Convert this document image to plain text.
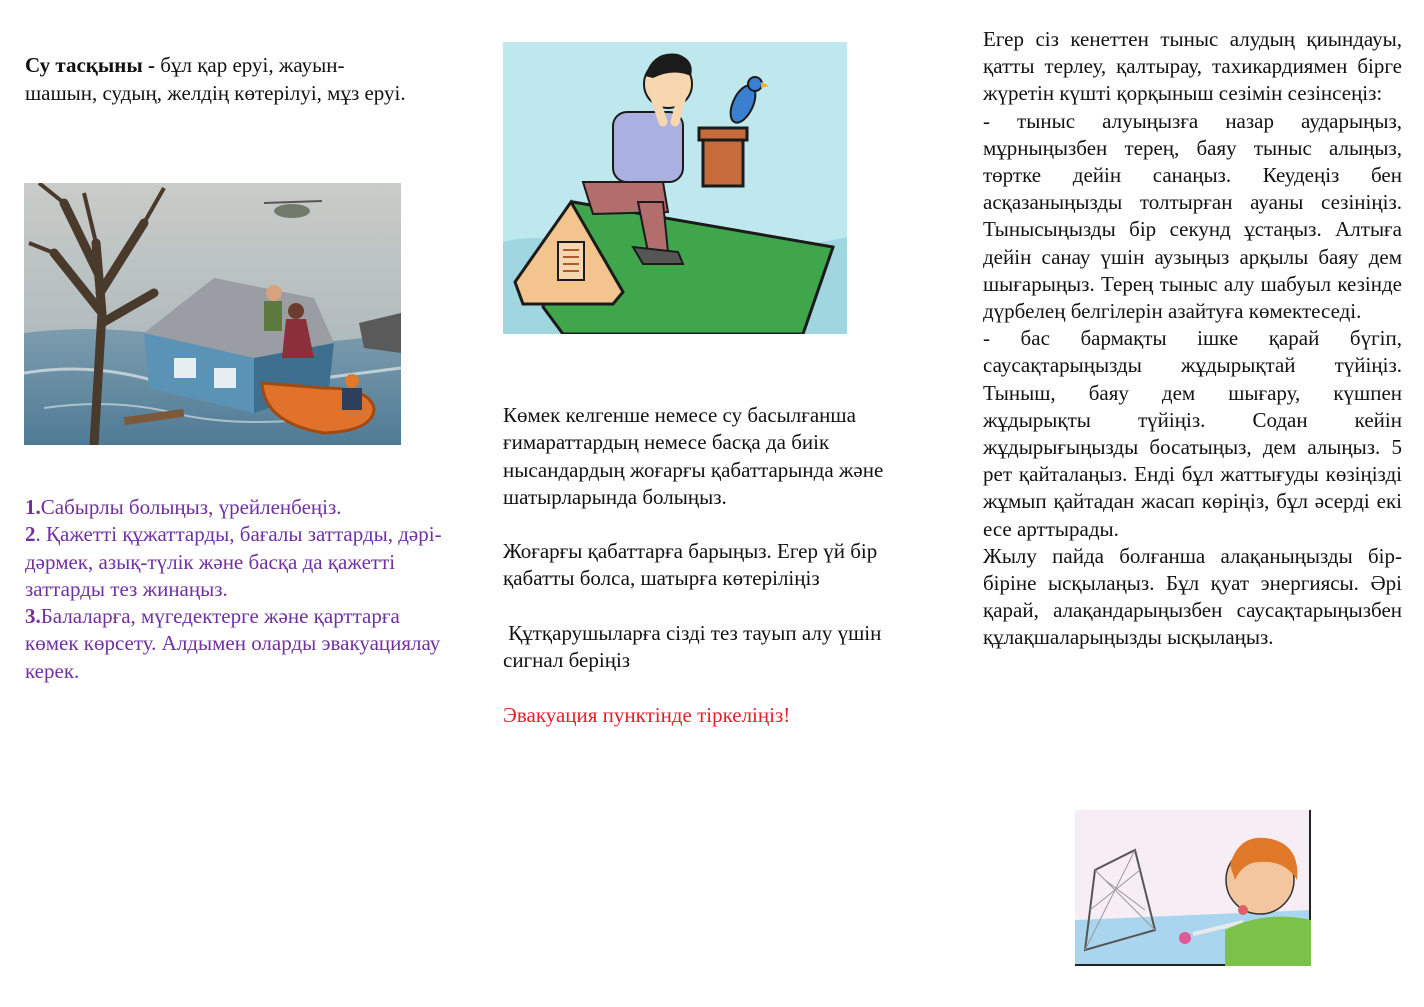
Су тасқыны - бұл қар еруі, жауын-шашын, судың, желдің көтерілуі, мұз еруі.
1.Сабырлы болыңыз, үрейленбеңіз.
2. Қажетті құжаттарды, бағалы заттарды, дәрі-дәрмек, азық-түлік және басқа да қажетті заттарды тез жинаңыз.
3.Балаларға, мүгедектерге және қарттарға көмек көрсету. Алдымен оларды эвакуациялау керек.
Көмек келгенше немесе су басылғанша ғимараттардың немесе басқа да биік нысандардың жоғарғы қабаттарында және шатырларында болыңыз.
Жоғарғы қабаттарға барыңыз. Егер үй бір қабатты болса, шатырға көтеріліңіз
Құтқарушыларға сізді тез тауып алу үшін сигнал беріңіз
Эвакуация пунктінде тіркеліңіз!

Егер сіз кенеттен тыныс алудың қиындауы, қатты терлеу, қалтырау, тахикардиямен бірге жүретін күшті қорқыныш сезімін сезінсеңіз:

- тыныс алуыңызға назар аударыңыз, мұрныңызбен терең, баяу тыныс алыңыз, төртке дейін санаңыз. Кеудеңіз бен асқазаныңызды толтырған ауаны сезініңіз. Тынысыңызды бір секунд ұстаңыз. Алтыға дейін санау үшін аузыңыз арқылы баяу дем шығарыңыз. Терең тыныс алу шабуыл кезінде дүрбелең белгілерін азайтуға көмектеседі.

- бас бармақты ішке қарай бүгіп, саусақтарыңызды жұдырықтай түйіңіз. Тыныш, баяу дем шығару, күшпен жұдырықты түйіңіз. Содан кейін жұдырығыңызды босатыңыз, дем алыңыз. 5 рет қайталаңыз. Енді бұл жаттығуды көзіңізді жұмып қайтадан жасап көріңіз, бұл әсерді екі есе арттырады.

Жылу пайда болғанша алақаныңызды бір-біріне ысқылаңыз. Бұл қуат энергиясы. Әрі қарай, алақандарыңызбен саусақтарыңызбен құлақшаларыңызды ысқылаңыз.
